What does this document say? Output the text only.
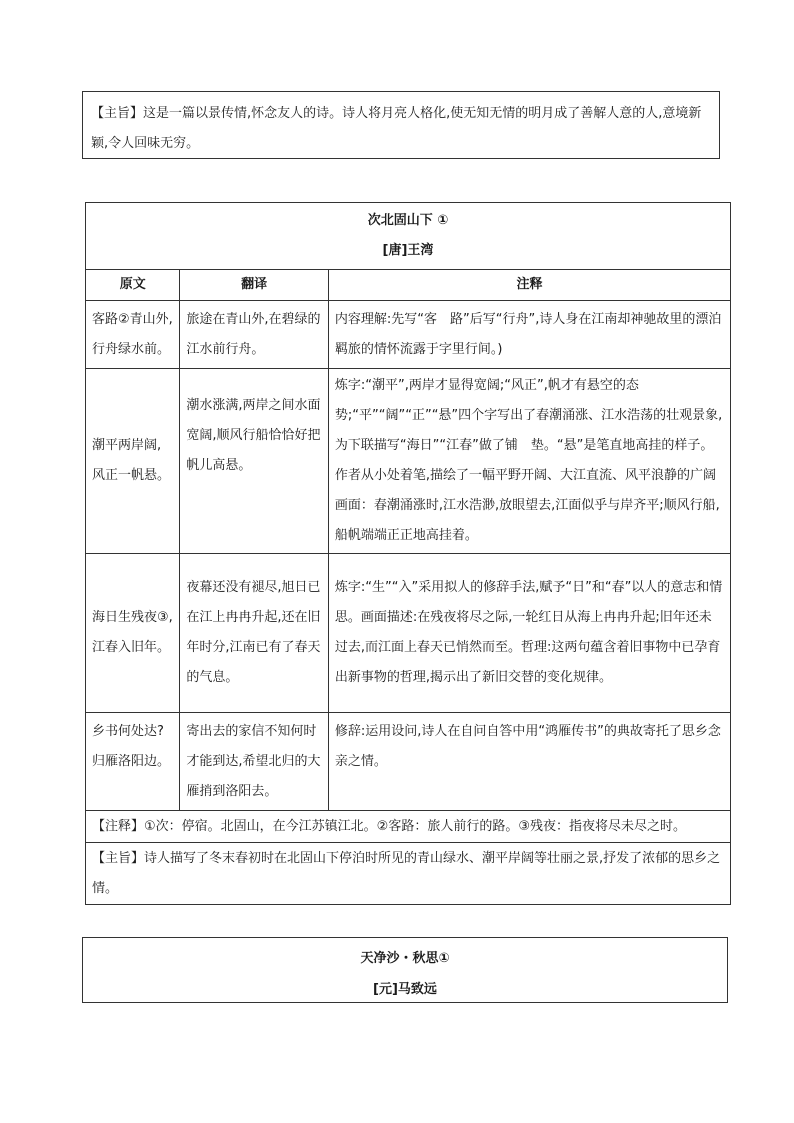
【主旨】这是一篇以景传情,怀念友人的诗。诗人将月亮人格化,使无知无情的明月成了善解人意的人,意境新颖,令人回味无穷。
次北固山下 ①
[唐]王湾		

原文	翻译	注释
客路②青山外,行舟绿水前。	旅途在青山外,在碧绿的江水前行舟。	内容理解:先写“客　路”后写“行舟”,诗人身在江南却神驰故里的漂泊羁旅的情怀流露于字里行间。)
潮平两岸阔,风正一帆悬。	潮水涨满,两岸之间水面宽阔,顺风行船恰恰好把帆儿高悬。	炼字:“潮平”,两岸才显得宽阔;“风正”,帆才有悬空的态势;“平”“阔”“正”“悬”四个字写出了春潮涌涨、江水浩荡的壮观景象,为下联描写“海日”“江春”做了铺　垫。“悬”是笔直地高挂的样子。作者从小处着笔,描绘了一幅平野开阔、大江直流、风平浪静的广阔画面：春潮涌涨时,江水浩渺,放眼望去,江面似乎与岸齐平;顺风行船,船帆端端正正地高挂着。
海日生残夜③,江春入旧年。	夜幕还没有褪尽,旭日已在江上冉冉升起,还在旧年时分,江南已有了春天的气息。	炼字:“生”“入”采用拟人的修辞手法,赋予“日”和“春”以人的意志和情思。画面描述:在残夜将尽之际,一轮红日从海上冉冉升起;旧年还未过去,而江面上春天已悄然而至。哲理:这两句蕴含着旧事物中已孕育出新事物的哲理,揭示出了新旧交替的变化规律。
乡书何处达?归雁洛阳边。	寄出去的家信不知何时才能到达,希望北归的大雁捎到洛阳去。	修辞:运用设问,诗人在自问自答中用“鸿雁传书”的典故寄托了思乡念亲之情。
【注释】①次：停宿。北固山，在今江苏镇江北。②客路：旅人前行的路。③残夜：指夜将尽未尽之时。		
【主旨】诗人描写了冬末春初时在北固山下停泊时所见的青山绿水、潮平岸阔等壮丽之景,抒发了浓郁的思乡之情。		
天净沙・秋思①
[元]马致远
